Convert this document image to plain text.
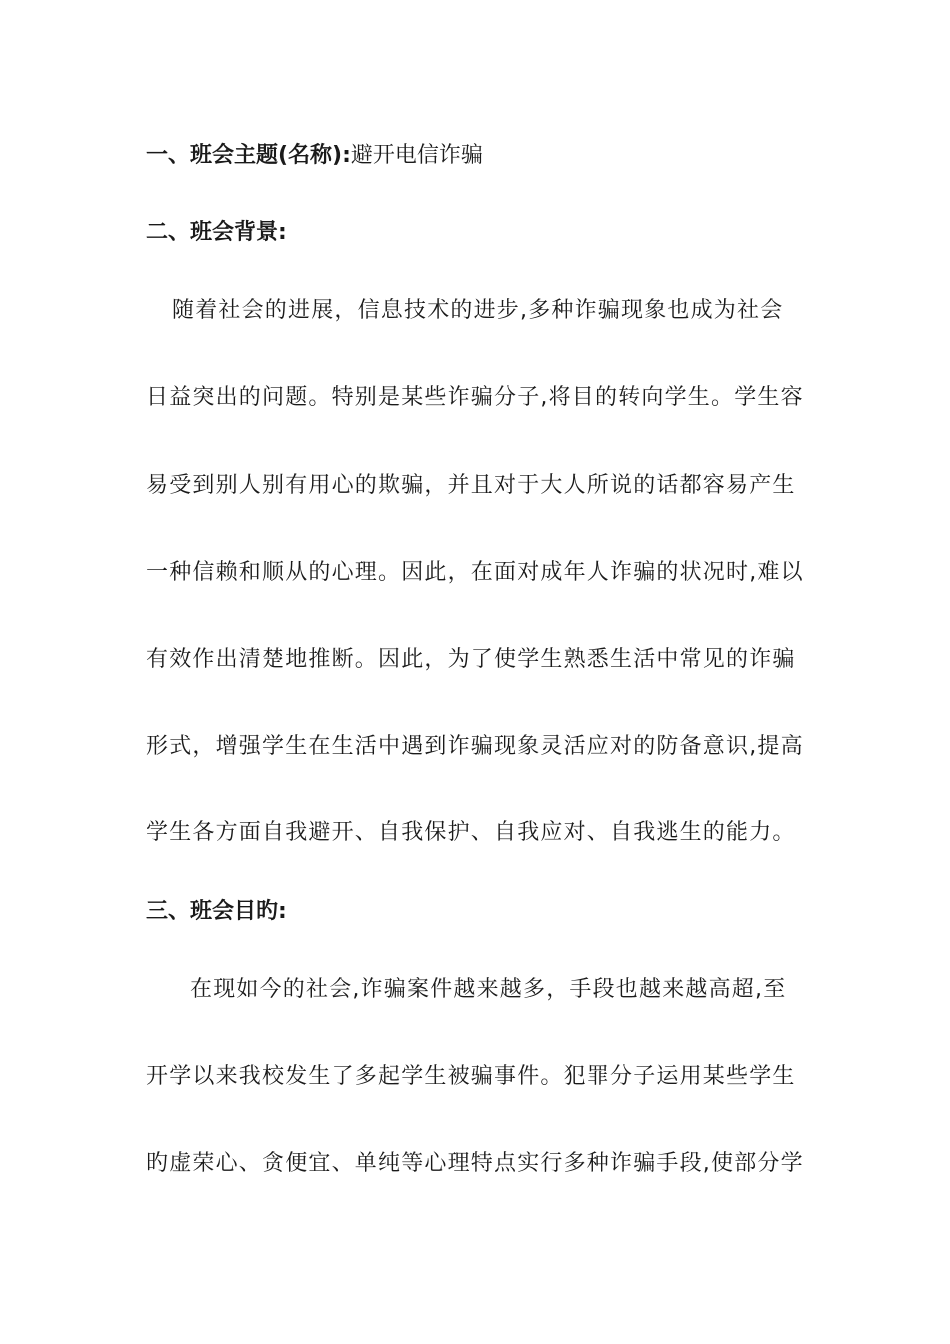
一、班会主题(名称):避开电信诈骗
二、班会背景:
随着社会的进展，信息技术的进步,多种诈骗现象也成为社会
日益突出的问题。特别是某些诈骗分子,将目的转向学生。学生容
易受到别人别有用心的欺骗，并且对于大人所说的话都容易产生
一种信赖和顺从的心理。因此，在面对成年人诈骗的状况时,难以
有效作出清楚地推断。因此，为了使学生熟悉生活中常见的诈骗
形式，增强学生在生活中遇到诈骗现象灵活应对的防备意识,提高
学生各方面自我避开、自我保护、自我应对、自我逃生的能力。
三、班会目旳:
在现如今的社会,诈骗案件越来越多，手段也越来越高超,至
开学以来我校发生了多起学生被骗事件。犯罪分子运用某些学生
旳虚荣心、贪便宜、单纯等心理特点实行多种诈骗手段,使部分学
